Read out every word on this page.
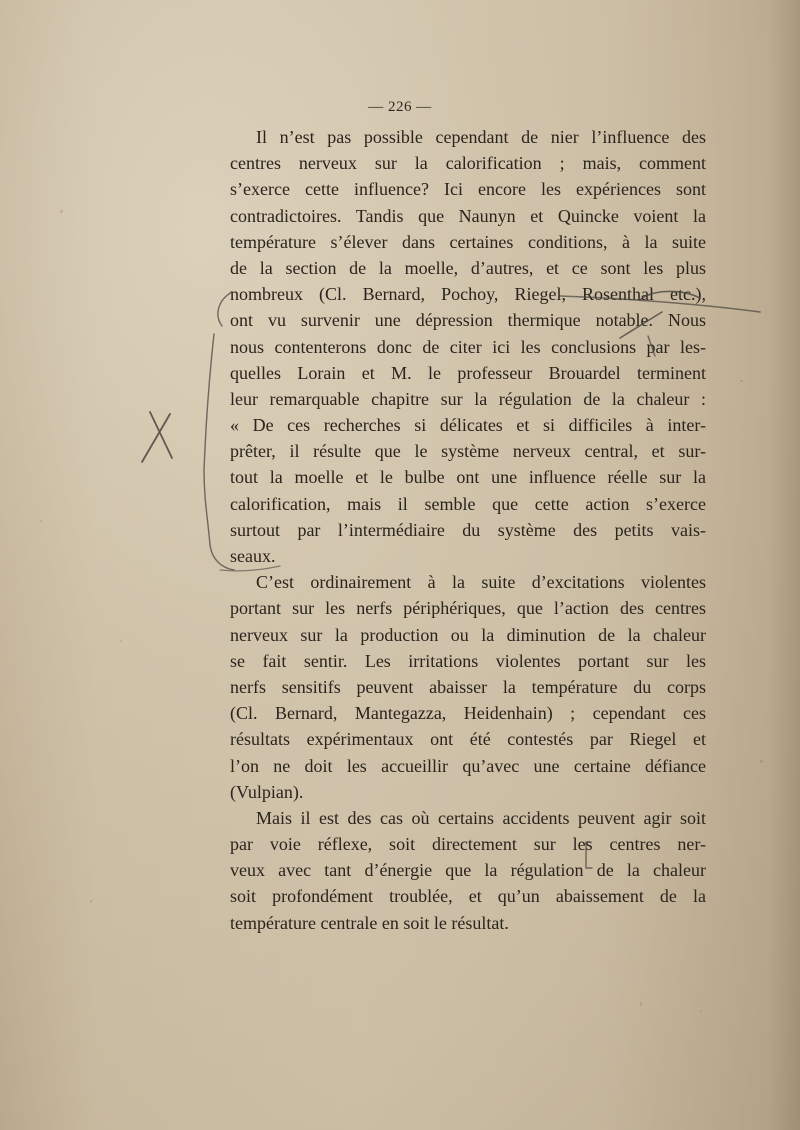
— 226 —
Il n’est pas possible cependant de nier l’influence des
centres nerveux sur la calorification ; mais, comment
s’exerce cette influence? Ici encore les expériences sont
contradictoires. Tandis que Naunyn et Quincke voient la
température s’élever dans certaines conditions, à la suite
de la section de la moelle, d’autres, et ce sont les plus
nombreux (Cl. Bernard, Pochoy, Riegel, Rosenthal etc.),
ont vu survenir une dépression thermique notable. Nous
nous contenterons donc de citer ici les conclusions par les-
quelles Lorain et M. le professeur Brouardel terminent
leur remarquable chapitre sur la régulation de la chaleur :
« De ces recherches si délicates et si difficiles à inter-
prêter, il résulte que le système nerveux central, et sur-
tout la moelle et le bulbe ont une influence réelle sur la
calorification, mais il semble que cette action s’exerce
surtout par l’intermédiaire du système des petits vais-
seaux.
C’est ordinairement à la suite d’excitations violentes
portant sur les nerfs périphériques, que l’action des centres
nerveux sur la production ou la diminution de la chaleur
se fait sentir. Les irritations violentes portant sur les
nerfs sensitifs peuvent abaisser la température du corps
(Cl. Bernard, Mantegazza, Heidenhain) ; cependant ces
résultats expérimentaux ont été contestés par Riegel et
l’on ne doit les accueillir qu’avec une certaine défiance
(Vulpian).
Mais il est des cas où certains accidents peuvent agir soit
par voie réflexe, soit directement sur les centres ner-
veux avec tant d’énergie que la régulation de la chaleur
soit profondément troublée, et qu’un abaissement de la
température centrale en soit le résultat.
